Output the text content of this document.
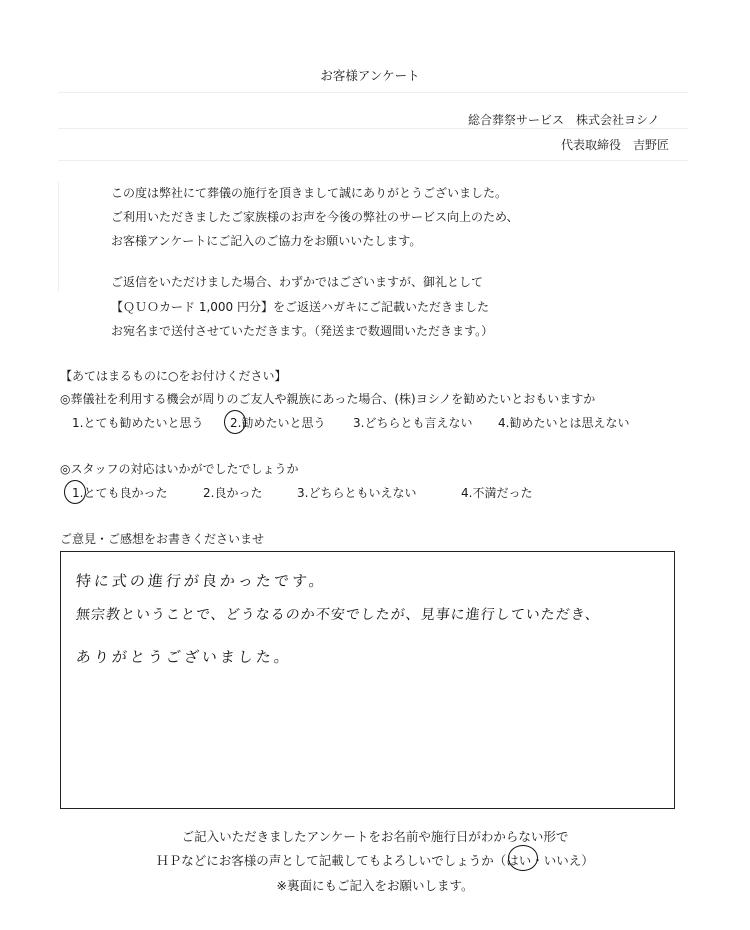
お客様アンケート
総合葬祭サービス　株式会社ヨシノ
代表取締役　吉野匠
この度は弊社にて葬儀の施行を頂きまして誠にありがとうございました。
ご利用いただきましたご家族様のお声を今後の弊社のサービス向上のため、
お客様アンケートにご記入のご協力をお願いいたします。
ご返信をいただけました場合、わずかではございますが、御礼として
【ＱＵＯカード 1,000 円分】をご返送ハガキにご記載いただきました
お宛名まで送付させていただきます。（発送まで数週間いただきます。）
【あてはまるものに○をお付けください】
◎葬儀社を利用する機会が周りのご友人や親族にあった場合、(株)ヨシノを勧めたいとおもいますか
1.とても勧めたいと思う 2.勧めたいと思う 3.どちらとも言えない 4.勧めたいとは思えない
◎スタッフの対応はいかがでしたでしょうか
1.とても良かった	2.良かった	3.どちらともいえない	4.不満だった
ご意見・ご感想をお書きくださいませ
特に式の進行が良かったです。
無宗教ということで、どうなるのか不安でしたが、見事に進行していただき、
ありがとうございました。
ご記入いただきましたアンケートをお名前や施行日がわからない形で
ＨＰなどにお客様の声として記載してもよろしいでしょうか（はい・いいえ）
※裏面にもご記入をお願いします。
